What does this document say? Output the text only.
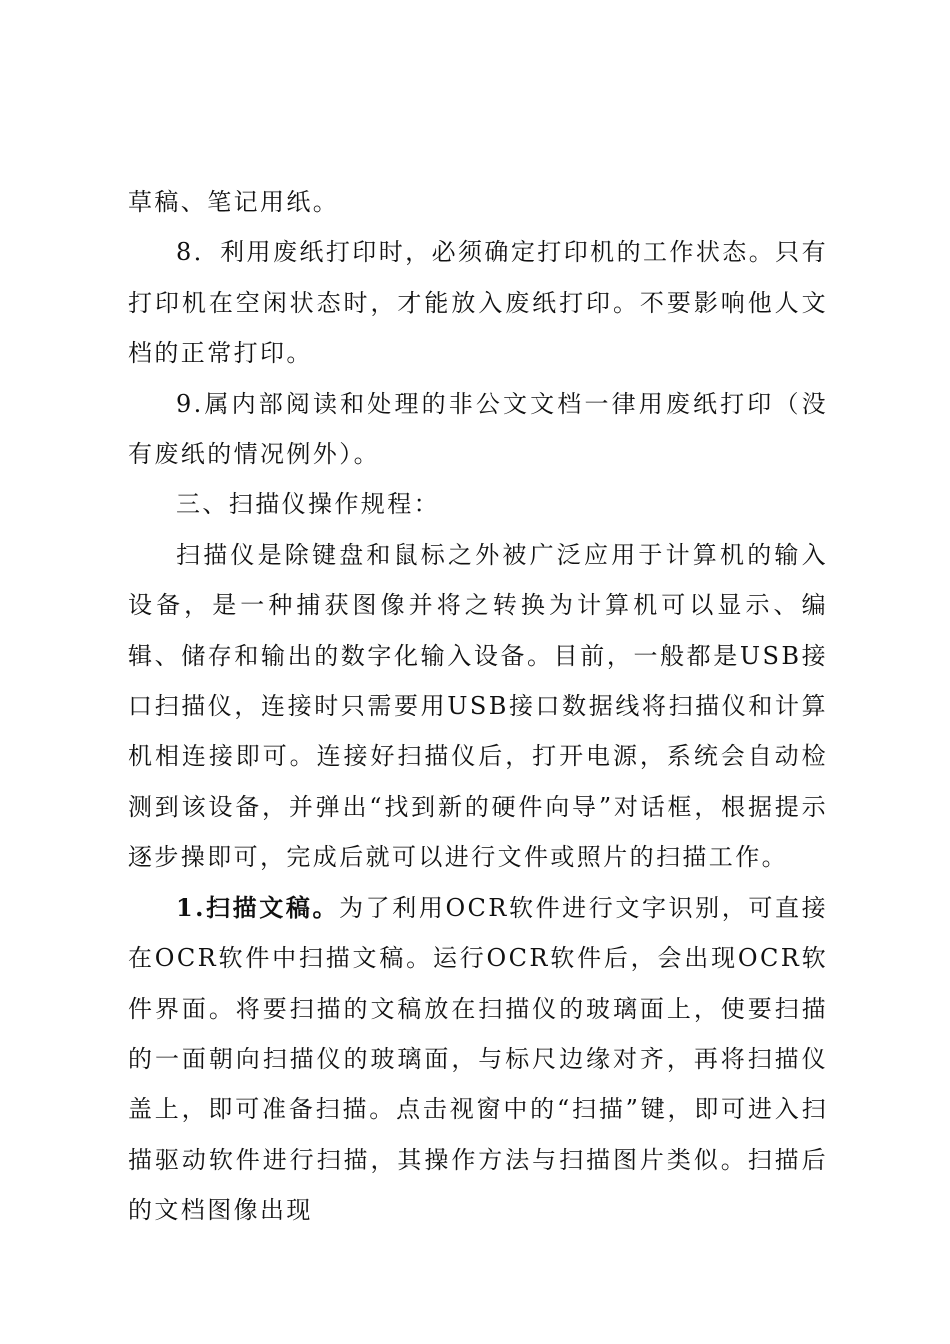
草稿、笔记用纸。

8．利用废纸打印时，必须确定打印机的工作状态。只有打印机在空闲状态时，才能放入废纸打印。不要影响他人文档的正常打印。

9.属内部阅读和处理的非公文文档一律用废纸打印（没有废纸的情况例外）。

三、扫描仪操作规程：

扫描仪是除键盘和鼠标之外被广泛应用于计算机的输入设备，是一种捕获图像并将之转换为计算机可以显示、编辑、储存和输出的数字化输入设备。目前，一般都是USB接口扫描仪，连接时只需要用USB接口数据线将扫描仪和计算机相连接即可。连接好扫描仪后，打开电源，系统会自动检测到该设备，并弹出“找到新的硬件向导”对话框，根据提示逐步操即可，完成后就可以进行文件或照片的扫描工作。

1.扫描文稿。为了利用OCR软件进行文字识别，可直接在OCR软件中扫描文稿。运行OCR软件后，会出现OCR软件界面。将要扫描的文稿放在扫描仪的玻璃面上，使要扫描的一面朝向扫描仪的玻璃面，与标尺边缘对齐，再将扫描仪盖上，即可准备扫描。点击视窗中的“扫描”键，即可进入扫描驱动软件进行扫描，其操作方法与扫描图片类似。扫描后的文档图像出现
